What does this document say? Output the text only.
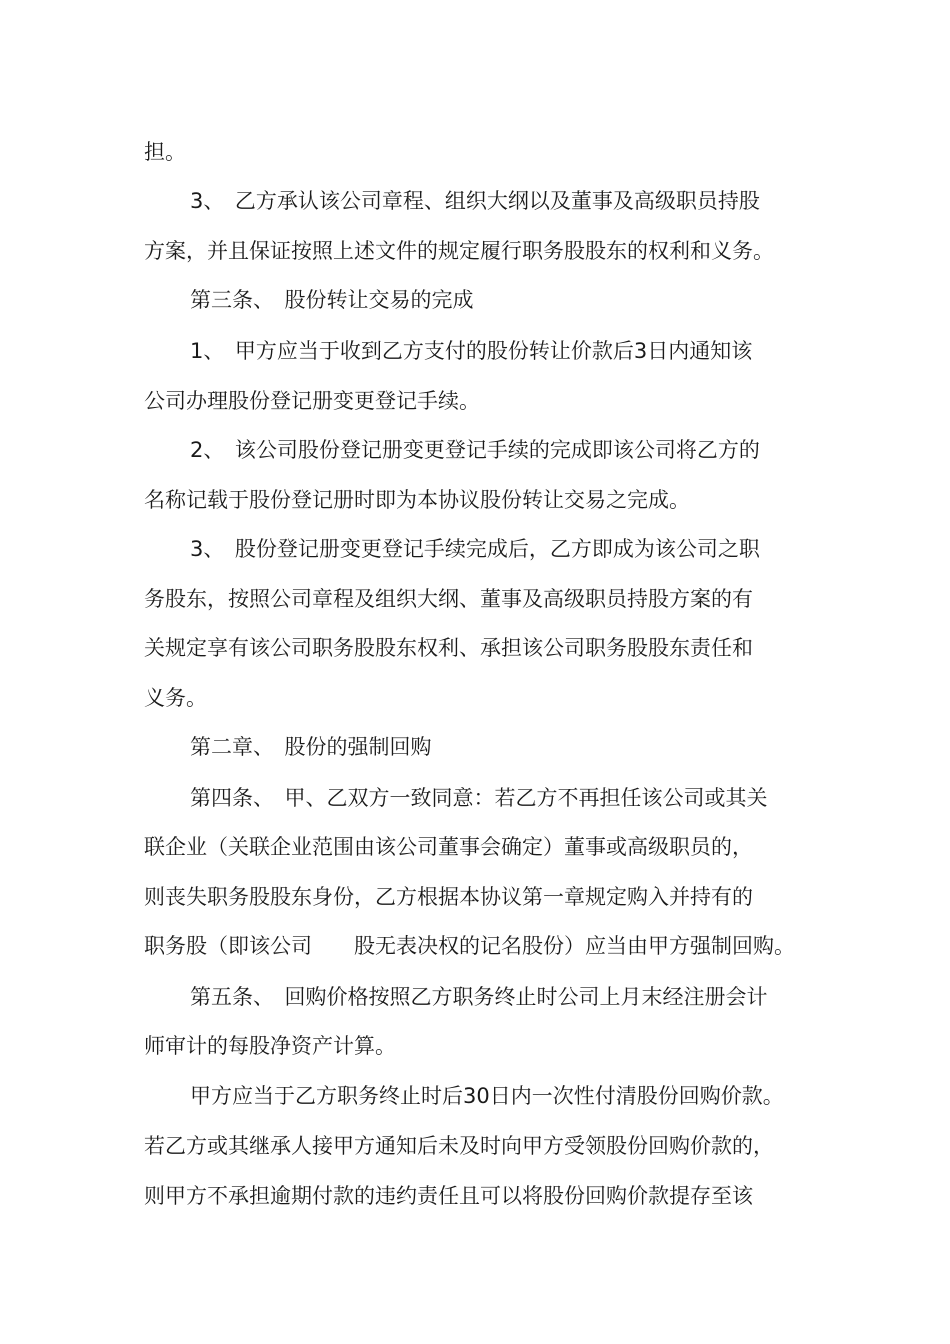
担。
3、　乙方承认该公司章程、组织大纲以及董事及高级职员持股
方案，并且保证按照上述文件的规定履行职务股股东的权利和义务。
第三条、　股份转让交易的完成
1、　甲方应当于收到乙方支付的股份转让价款后3日内通知该
公司办理股份登记册变更登记手续。
2、　该公司股份登记册变更登记手续的完成即该公司将乙方的
名称记载于股份登记册时即为本协议股份转让交易之完成。
3、　股份登记册变更登记手续完成后，乙方即成为该公司之职
务股东，按照公司章程及组织大纲、董事及高级职员持股方案的有
关规定享有该公司职务股股东权利、承担该公司职务股股东责任和
义务。
第二章、　股份的强制回购
第四条、　甲、乙双方一致同意：若乙方不再担任该公司或其关
联企业（关联企业范围由该公司董事会确定）董事或高级职员的，
则丧失职务股股东身份，乙方根据本协议第一章规定购入并持有的
职务股（即该公司　　股无表决权的记名股份）应当由甲方强制回购。
第五条、　回购价格按照乙方职务终止时公司上月末经注册会计
师审计的每股净资产计算。
甲方应当于乙方职务终止时后30日内一次性付清股份回购价款。
若乙方或其继承人接甲方通知后未及时向甲方受领股份回购价款的，
则甲方不承担逾期付款的违约责任且可以将股份回购价款提存至该
